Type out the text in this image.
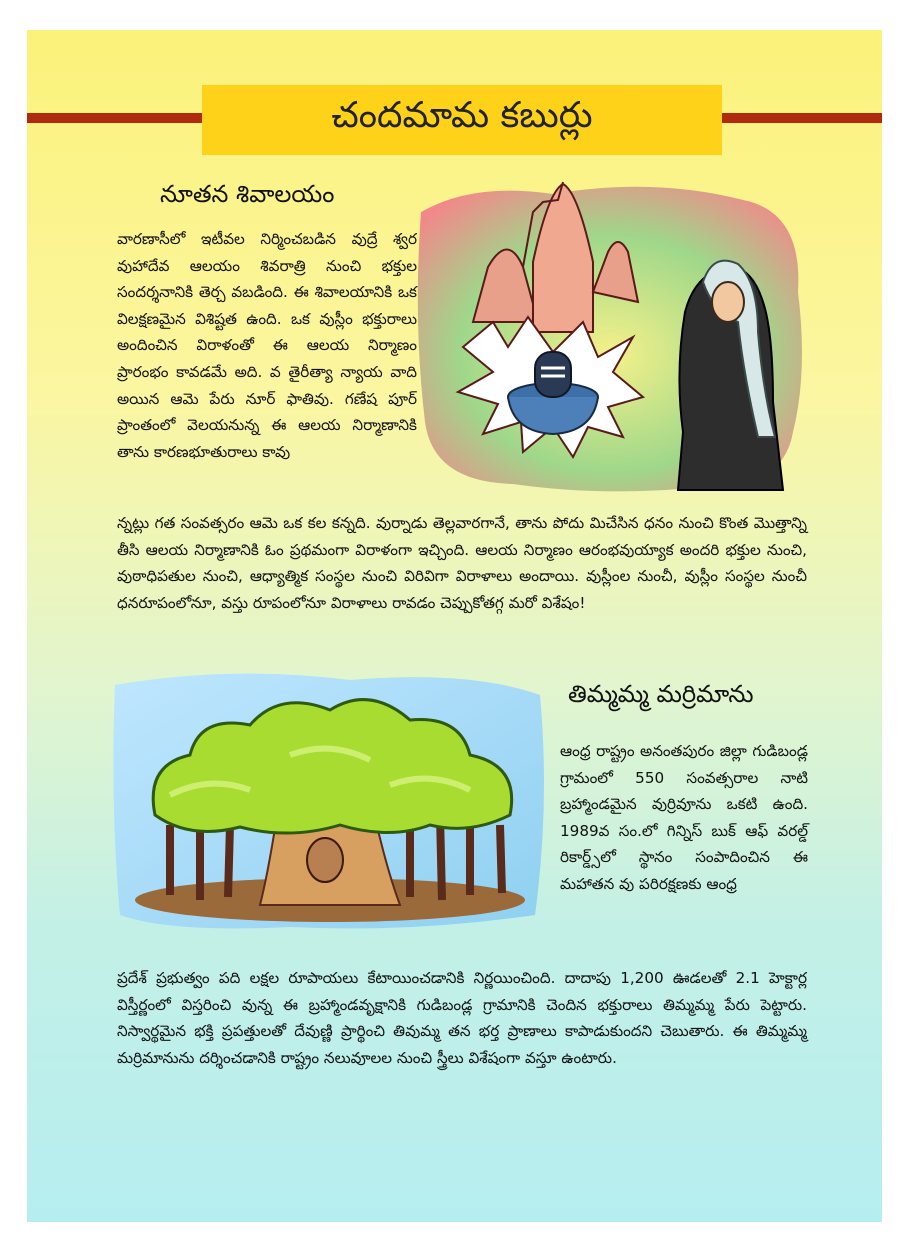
చందమామ కబుర్లు
నూతన శివాలయం

వారణాసీలో ఇటీవల నిర్మించబడిన వుద్రే శ్వర వుహాదేవ ఆలయం శివరాత్రి నుంచి భక్తుల సందర్శనానికి తెర్చ వబడింది. ఈ శివాలయానికి ఒక విలక్షణమైన విశిష్టత ఉంది. ఒక వుస్లీం భక్తురాలు అందించిన విరాళంతో ఈ ఆలయ నిర్మాణం ప్రారంభం కావడమే అది. వ తైరీత్యా న్యాయ వాది అయిన ఆమె పేరు నూర్ ఫాతివు. గణేష పూర్ ప్రాంతంలో వెలయనున్న ఈ ఆలయ నిర్మాణానికి తాను కారణభూతురాలు కావు

న్నట్లు గత సంవత్సరం ఆమె ఒక కల కన్నది. వుర్నాడు తెల్లవారగానే, తాను పోదు మిచేసిన ధనం నుంచి కొంత మొత్తాన్ని తీసి ఆలయ నిర్మాణానికి ఓం ప్రథమంగా విరాళంగా ఇచ్చింది. ఆలయ నిర్మాణం ఆరంభవుయ్యాక అందరి భక్తుల నుంచి, వుఠాధిపతుల నుంచి, ఆధ్యాత్మిక సంస్థల నుంచి విరివిగా విరాళాలు అందాయి. వుస్లీంల నుంచీ, వుస్లీం సంస్థల నుంచీ ధనరూపంలోనూ, వస్తు రూపంలోనూ విరాళాలు రావడం చెప్పుకోతగ్గ మరో విశేషం!

తిమ్మమ్మ మర్రిమాను

ఆంధ్ర రాష్ట్రం అనంతపురం జిల్లా గుడిబండ్ల గ్రామంలో 550 సంవత్సరాల నాటి బ్రహ్మాండమైన వుర్రివూను ఒకటి ఉంది. 1989వ సం.లో గిన్నిస్ బుక్ ఆఫ్ వరల్డ్ రికార్డ్స్‌లో స్థానం సంపాదించిన ఈ మహాతన వు పరిరక్షణకు ఆంధ్ర

ప్రదేశ్ ప్రభుత్వం పది లక్షల రూపాయలు కేటాయించడానికి నిర్ణయించింది. దాదాపు 1,200 ఊడలతో 2.1 హెక్టార్ల విస్తీర్ణంలో విస్తరించి వున్న ఈ బ్రహ్మాండవృక్షానికి గుడిబండ్ల గ్రామానికి చెందిన భక్తురాలు తిమ్మమ్మ పేరు పెట్టారు. నిస్వార్థమైన భక్తి ప్రపత్తులతో దేవుణ్ణి ప్రార్థించి తివుమ్మ తన భర్త ప్రాణాలు కాపాడుకుందని చెబుతారు. ఈ తిమ్మమ్మ మర్రిమానును దర్శించడానికి రాష్ట్రం నలువూలల నుంచి స్త్రీలు విశేషంగా వస్తూ ఉంటారు.
